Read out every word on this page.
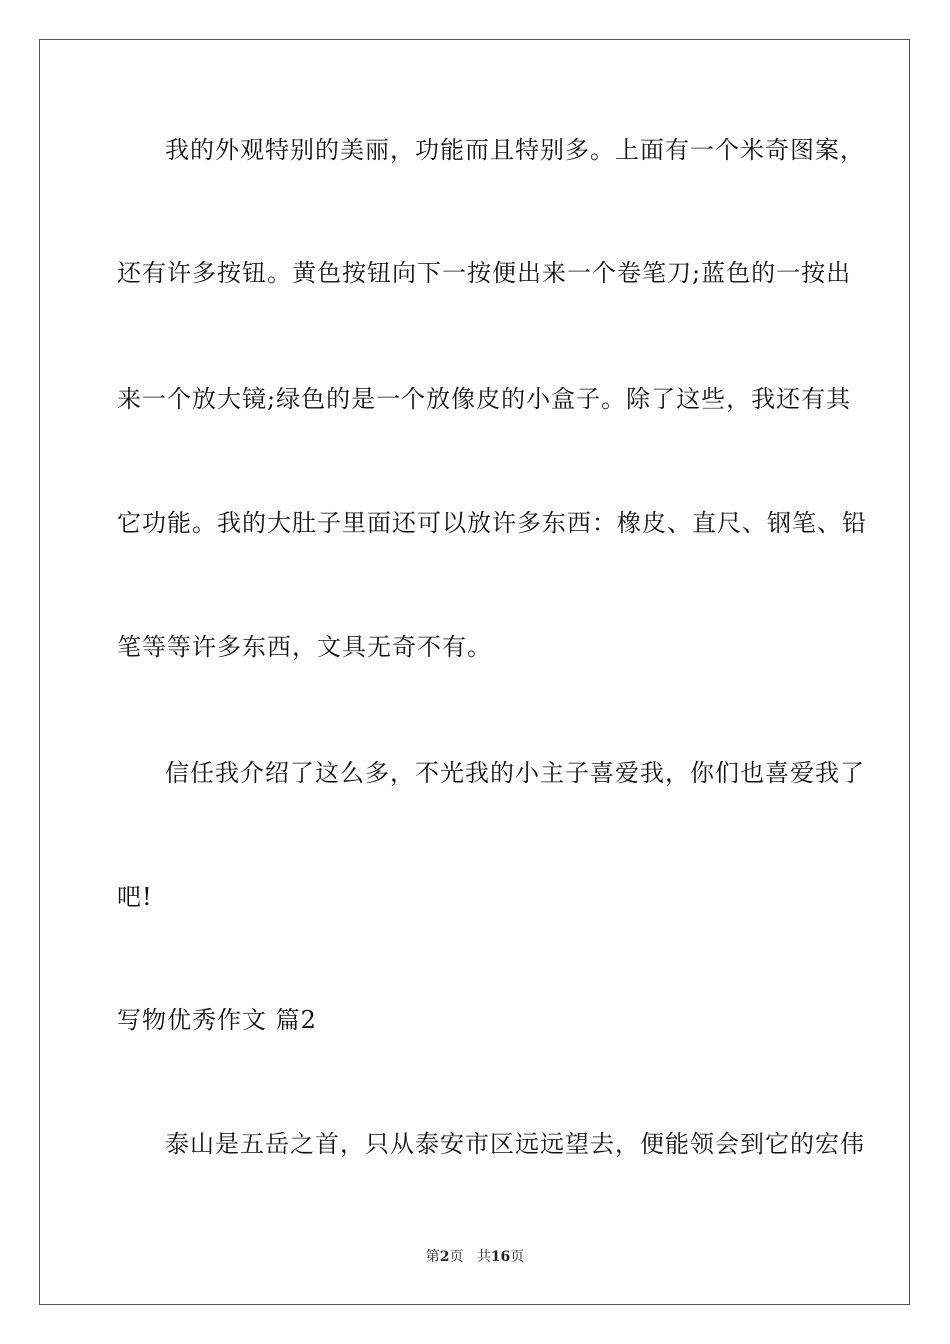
我的外观特别的美丽，功能而且特别多。上面有一个米奇图案，
还有许多按钮。黄色按钮向下一按便出来一个卷笔刀;蓝色的一按出
来一个放大镜;绿色的是一个放像皮的小盒子。除了这些，我还有其
它功能。我的大肚子里面还可以放许多东西：橡皮、直尺、钢笔、铅
笔等等许多东西，文具无奇不有。
信任我介绍了这么多，不光我的小主子喜爱我，你们也喜爱我了
吧!
写物优秀作文 篇2
泰山是五岳之首，只从泰安市区远远望去，便能领会到它的宏伟
第2页 共16页
